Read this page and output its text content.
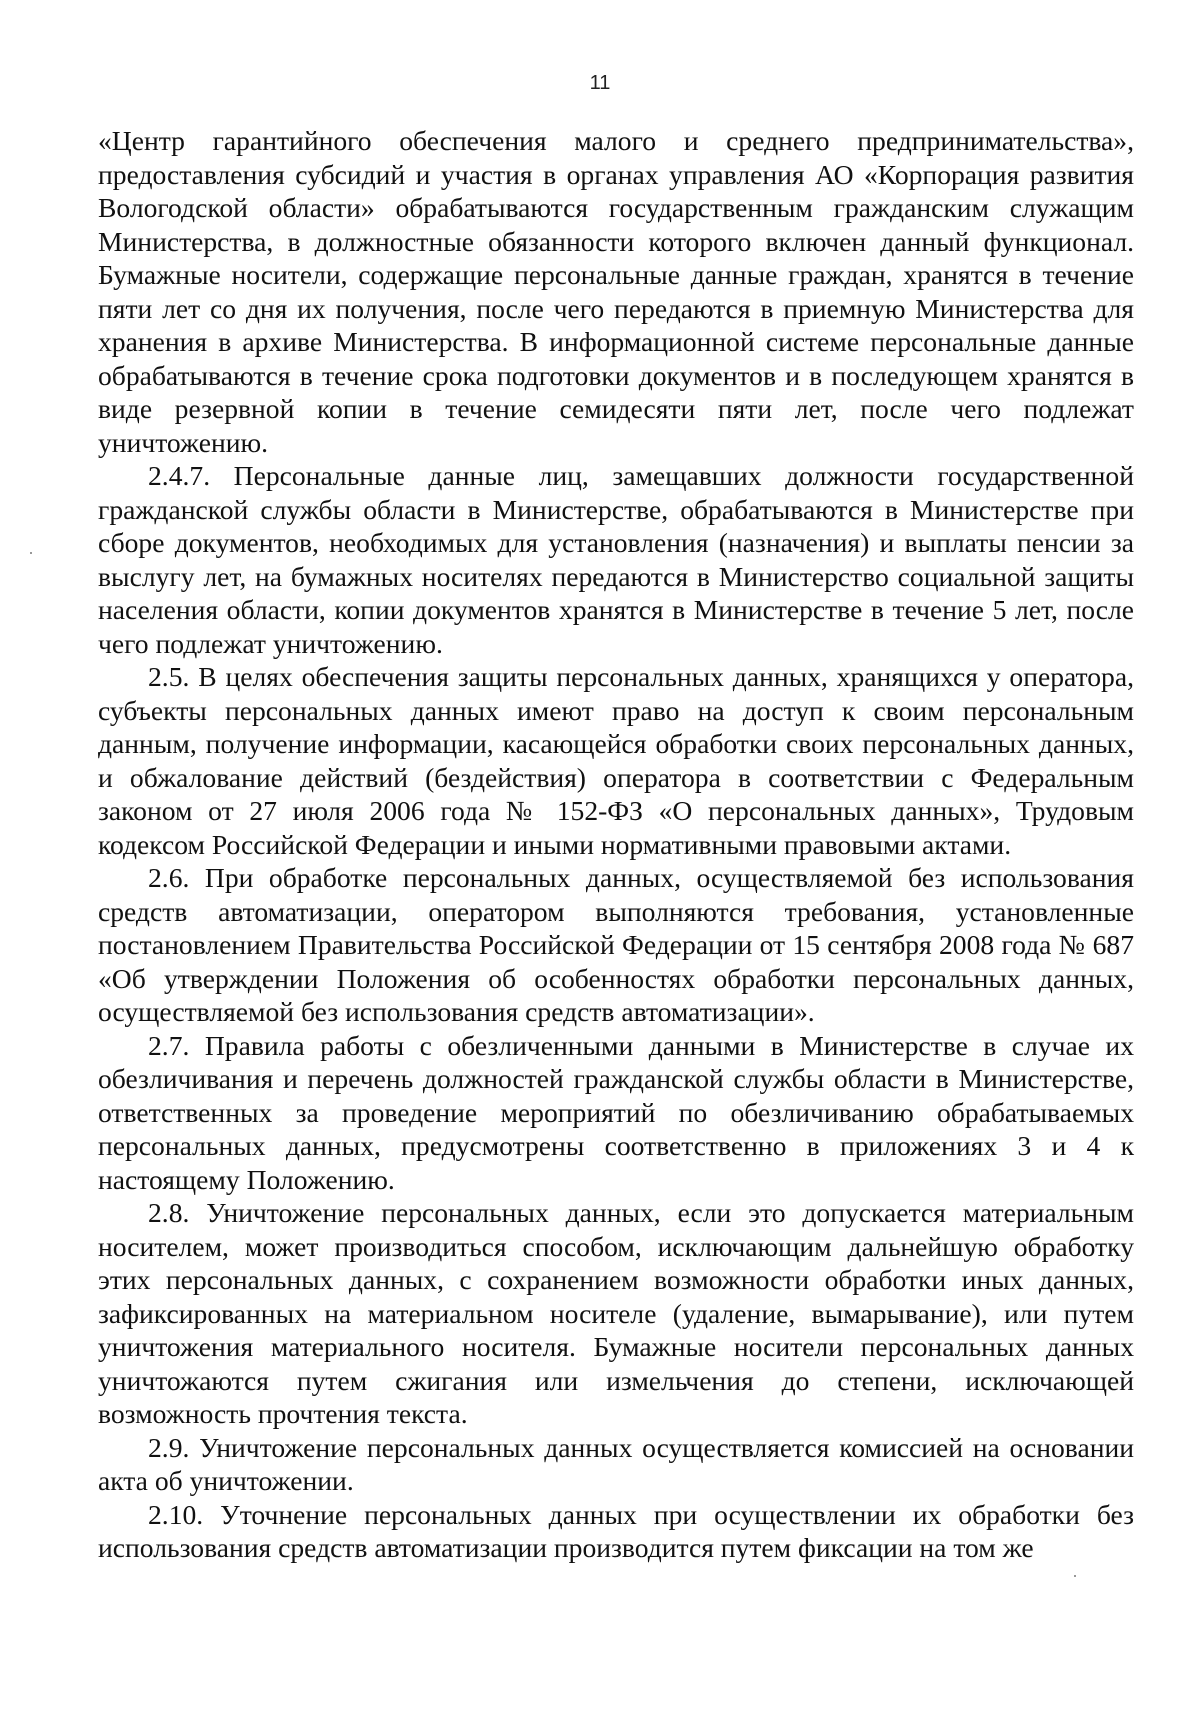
11

«Центр гарантийного обеспечения малого и среднего предпринимательства», предоставления субсидий и участия в органах управления АО «Корпорация развития Вологодской области» обрабатываются государственным гражданским служащим Министерства, в должностные обязанности которого включен данный функционал. Бумажные носители, содержащие персональные данные граждан, хранятся в течение пяти лет со дня их получения, после чего передаются в приемную Министерства для хранения в архиве Министерства. В информационной системе персональные данные обрабатываются в течение срока подготовки документов и в последующем хранятся в виде резервной копии в течение семидесяти пяти лет, после чего подлежат уничтожению.

2.4.7. Персональные данные лиц, замещавших должности государственной гражданской службы области в Министерстве, обрабатываются в Министерстве при сборе документов, необходимых для установления (назначения) и выплаты пенсии за выслугу лет, на бумажных носителях передаются в Министерство социальной защиты населения области, копии документов хранятся в Министерстве в течение 5 лет, после чего подлежат уничтожению.

2.5. В целях обеспечения защиты персональных данных, хранящихся у оператора, субъекты персональных данных имеют право на доступ к своим персональным данным, получение информации, касающейся обработки своих персональных данных, и обжалование действий (бездействия) оператора в соответствии с Федеральным законом от 27 июля 2006 года № 152-ФЗ «О персональных данных», Трудовым кодексом Российской Федерации и иными нормативными правовыми актами.

2.6. При обработке персональных данных, осуществляемой без использования средств автоматизации, оператором выполняются требования, установленные постановлением Правительства Российской Федерации от 15 сентября 2008 года № 687 «Об утверждении Положения об особенностях обработки персональных данных, осуществляемой без использования средств автоматизации».

2.7. Правила работы с обезличенными данными в Министерстве в случае их обезличивания и перечень должностей гражданской службы области в Министерстве, ответственных за проведение мероприятий по обезличиванию обрабатываемых персональных данных, предусмотрены соответственно в приложениях 3 и 4 к настоящему Положению.

2.8. Уничтожение персональных данных, если это допускается материальным носителем, может производиться способом, исключающим дальнейшую обработку этих персональных данных, с сохранением возможности обработки иных данных, зафиксированных на материальном носителе (удаление, вымарывание), или путем уничтожения материального носителя. Бумажные носители персональных данных уничтожаются путем сжигания или измельчения до степени, исключающей возможность прочтения текста.

2.9. Уничтожение персональных данных осуществляется комиссией на основании акта об уничтожении.

2.10. Уточнение персональных данных при осуществлении их обработки без использования средств автоматизации производится путем фиксации на том же
